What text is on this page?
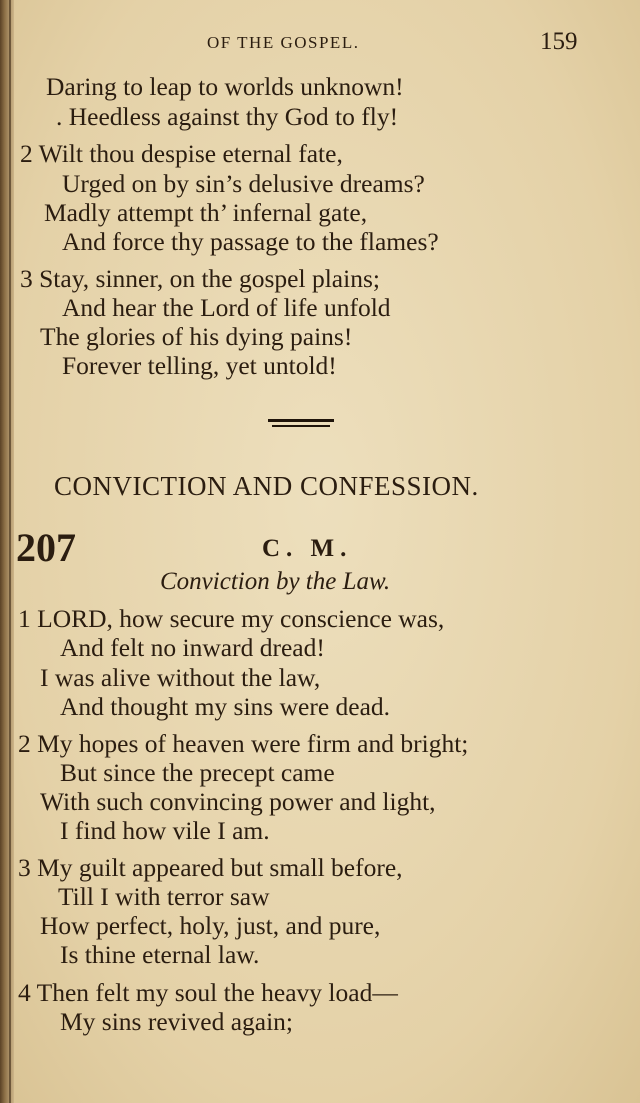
OF THE GOSPEL.	159
Daring to leap to worlds unknown!
. Heedless against thy God to fly!
2 Wilt thou despise eternal fate,
Urged on by sin’s delusive dreams?
Madly attempt th’ infernal gate,
And force thy passage to the flames?
3 Stay, sinner, on the gospel plains;
And hear the Lord of life unfold
The glories of his dying pains!
Forever telling, yet untold!
CONVICTION AND CONFESSION.
207	C. M.
Conviction by the Law.
1 LORD, how secure my conscience was,
And felt no inward dread!
I was alive without the law,
And thought my sins were dead.
2 My hopes of heaven were firm and bright;
But since the precept came
With such convincing power and light,
I find how vile I am.
3 My guilt appeared but small before,
Till I with terror saw
How perfect, holy, just, and pure,
Is thine eternal law.
4 Then felt my soul the heavy load—
My sins revived again;
